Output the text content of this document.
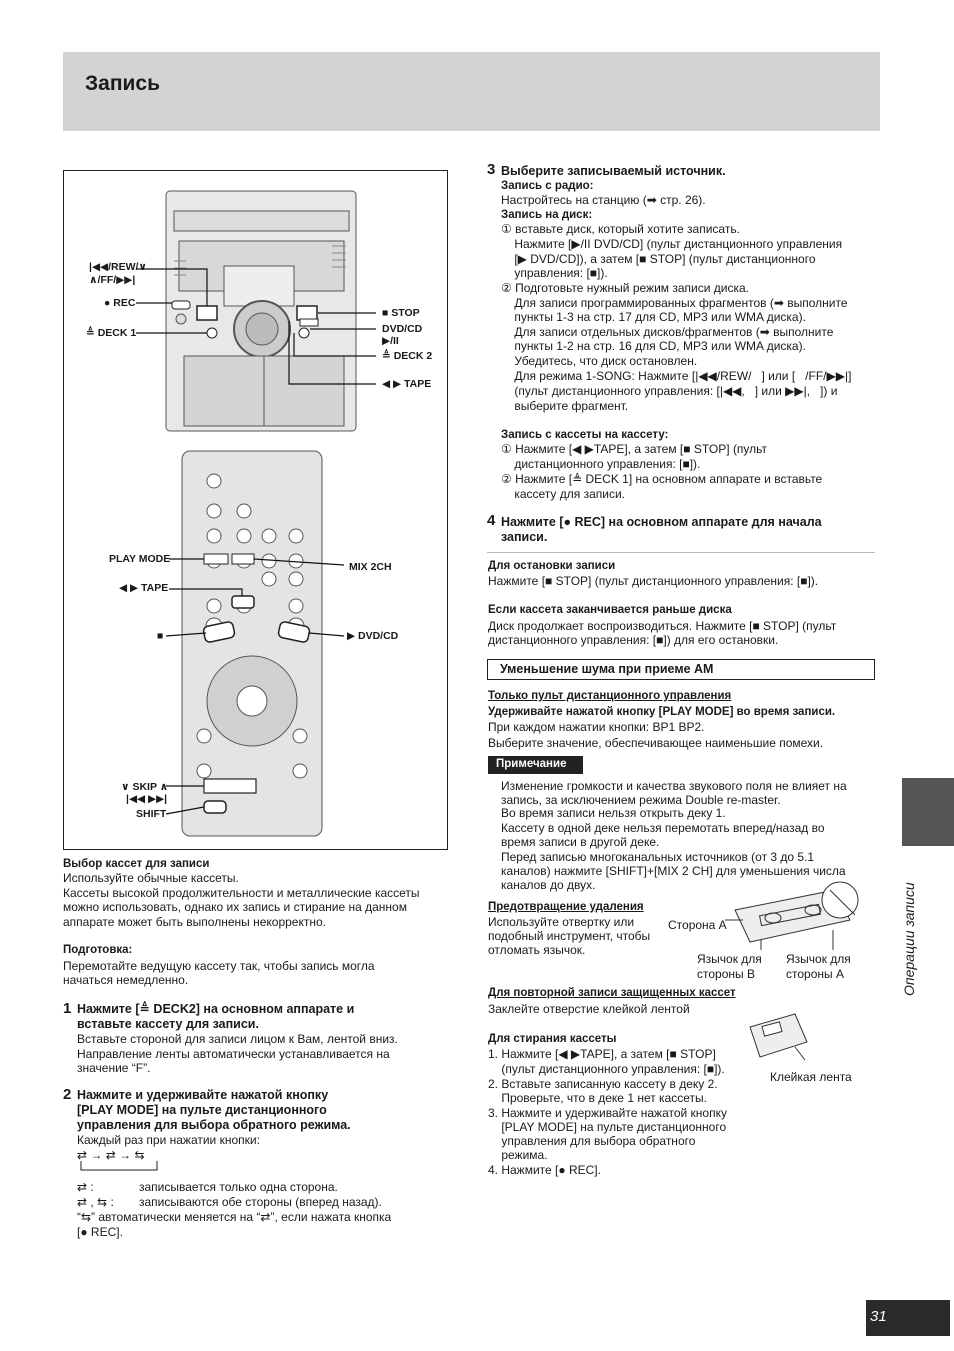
Запись
|◀◀/REW/∨
∧/FF/▶▶|
● REC
≜ DECK 1
■ STOP
DVD/CD
▶/II
≜ DECK 2
◀ ▶ TAPE
PLAY MODE
MIX 2CH
◀ ▶ TAPE
■	▶ DVD/CD
∨ SKIP ∧
|◀◀ ▶▶|
SHIFT
Выбор кассет для записи
Используйте обычные кассеты.
Кассеты высокой продолжительности и металлические кассеты
можно использовать, однако их запись и стирание на данном
аппарате может быть выполнены некорректно.
Подготовка:
Перемотайте ведущую кассету так, чтобы запись могла
начаться немедленно.
1 Нажмите [≜ DECK2] на основном аппарате и
вставьте кассету для записи.
Вставьте стороной для записи лицом к Вам, лентой вниз.
Направление ленты автоматически устанавливается на
значение “F”.
2 Нажмите и удерживайте нажатой кнопку
[PLAY MODE] на пульте дистанционного
управления для выбора обратного режима.
Каждый раз при нажатии кнопки:
⇄ → ⇄ → ⇆
⇄ :	записывается только одна сторона.
⇄ , ⇆ : записываются обе стороны (вперед назад).
“⇆” автоматически меняется на “⇄”, если нажата кнопка
[● REC].
3 Выберите записываемый источник.
Запись с радио:
Настройтесь на станцию (➡ стр. 26).
Запись на диск:
① вставьте диск, который хотите записать.
Нажмите [▶/II DVD/CD] (пульт дистанционного управления
[▶ DVD/CD]), а затем [■ STOP] (пульт дистанционного
управления: [■]).
② Подготовьте нужный режим записи диска.
Для записи программированных фрагментов (➡ выполните
пункты 1-3 на стр. 17 для CD, MP3 или WMA диска).
Для записи отдельных дисков/фрагментов (➡ выполните
пункты 1-2 на стр. 16 для CD, MP3 или WMA диска).
Убедитесь, что диск остановлен.
Для режима 1-SONG: Нажмите [|◀◀/REW/   ] или [   /FF/▶▶|]
(пульт дистанционного управления: [|◀◀,   ] или ▶▶|,   ]) и
выберите фрагмент.
Запись с кассеты на кассету:
① Нажмите [◀ ▶TAPE], а затем [■ STOP] (пульт
дистанционного управления: [■]).
② Нажмите [≜ DECK 1] на основном аппарате и вставьте
кассету для записи.
4 Нажмите [● REC] на основном аппарате для начала
записи.
Для остановки записи
Нажмите [■ STOP] (пульт дистанционного управления: [■]).
Если кассета заканчивается раньше диска
Диск продолжает воспроизводиться. Нажмите [■ STOP] (пульт
дистанционного управления: [■]) для его остановки.
Уменьшение шума при приеме AM
Только пульт дистанционного управления
Удерживайте нажатой кнопку [PLAY MODE] во время записи.
При каждом нажатии кнопки: BP1 BP2.
Выберите значение, обеспечивающее наименьшие помехи.
Примечание
Изменение громкости и качества звукового поля не влияет на
запись, за исключением режима Double re-master.
Во время записи нельзя открыть деку 1.
Кассету в одной деке нельзя перемотать вперед/назад во
время записи в другой деке.
Перед записью многоканальных источников (от 3 до 5.1
каналов) нажмите [SHIFT]+[MIX 2 CH] для уменьшения числа
каналов до двух.
Предотвращение удаления
Используйте отвертку или
подобный инструмент, чтобы
отломать язычок.
Сторона A
Язычок для
стороны B
Язычок для
стороны A
Для повторной записи защищенных кассет
Заклейте отверстие клейкой лентой
Для стирания кассеты
1. Нажмите [◀ ▶TAPE], а затем [■ STOP]
(пульт дистанционного управления: [■]).
2. Вставьте записанную кассету в деку 2.
Проверьте, что в деке 1 нет кассеты.
3. Нажмите и удерживайте нажатой кнопку
[PLAY MODE] на пульте дистанционного
управления для выбора обратного
режима.
4. Нажмите [● REC].
Клейкая лента
Операции записи
31
